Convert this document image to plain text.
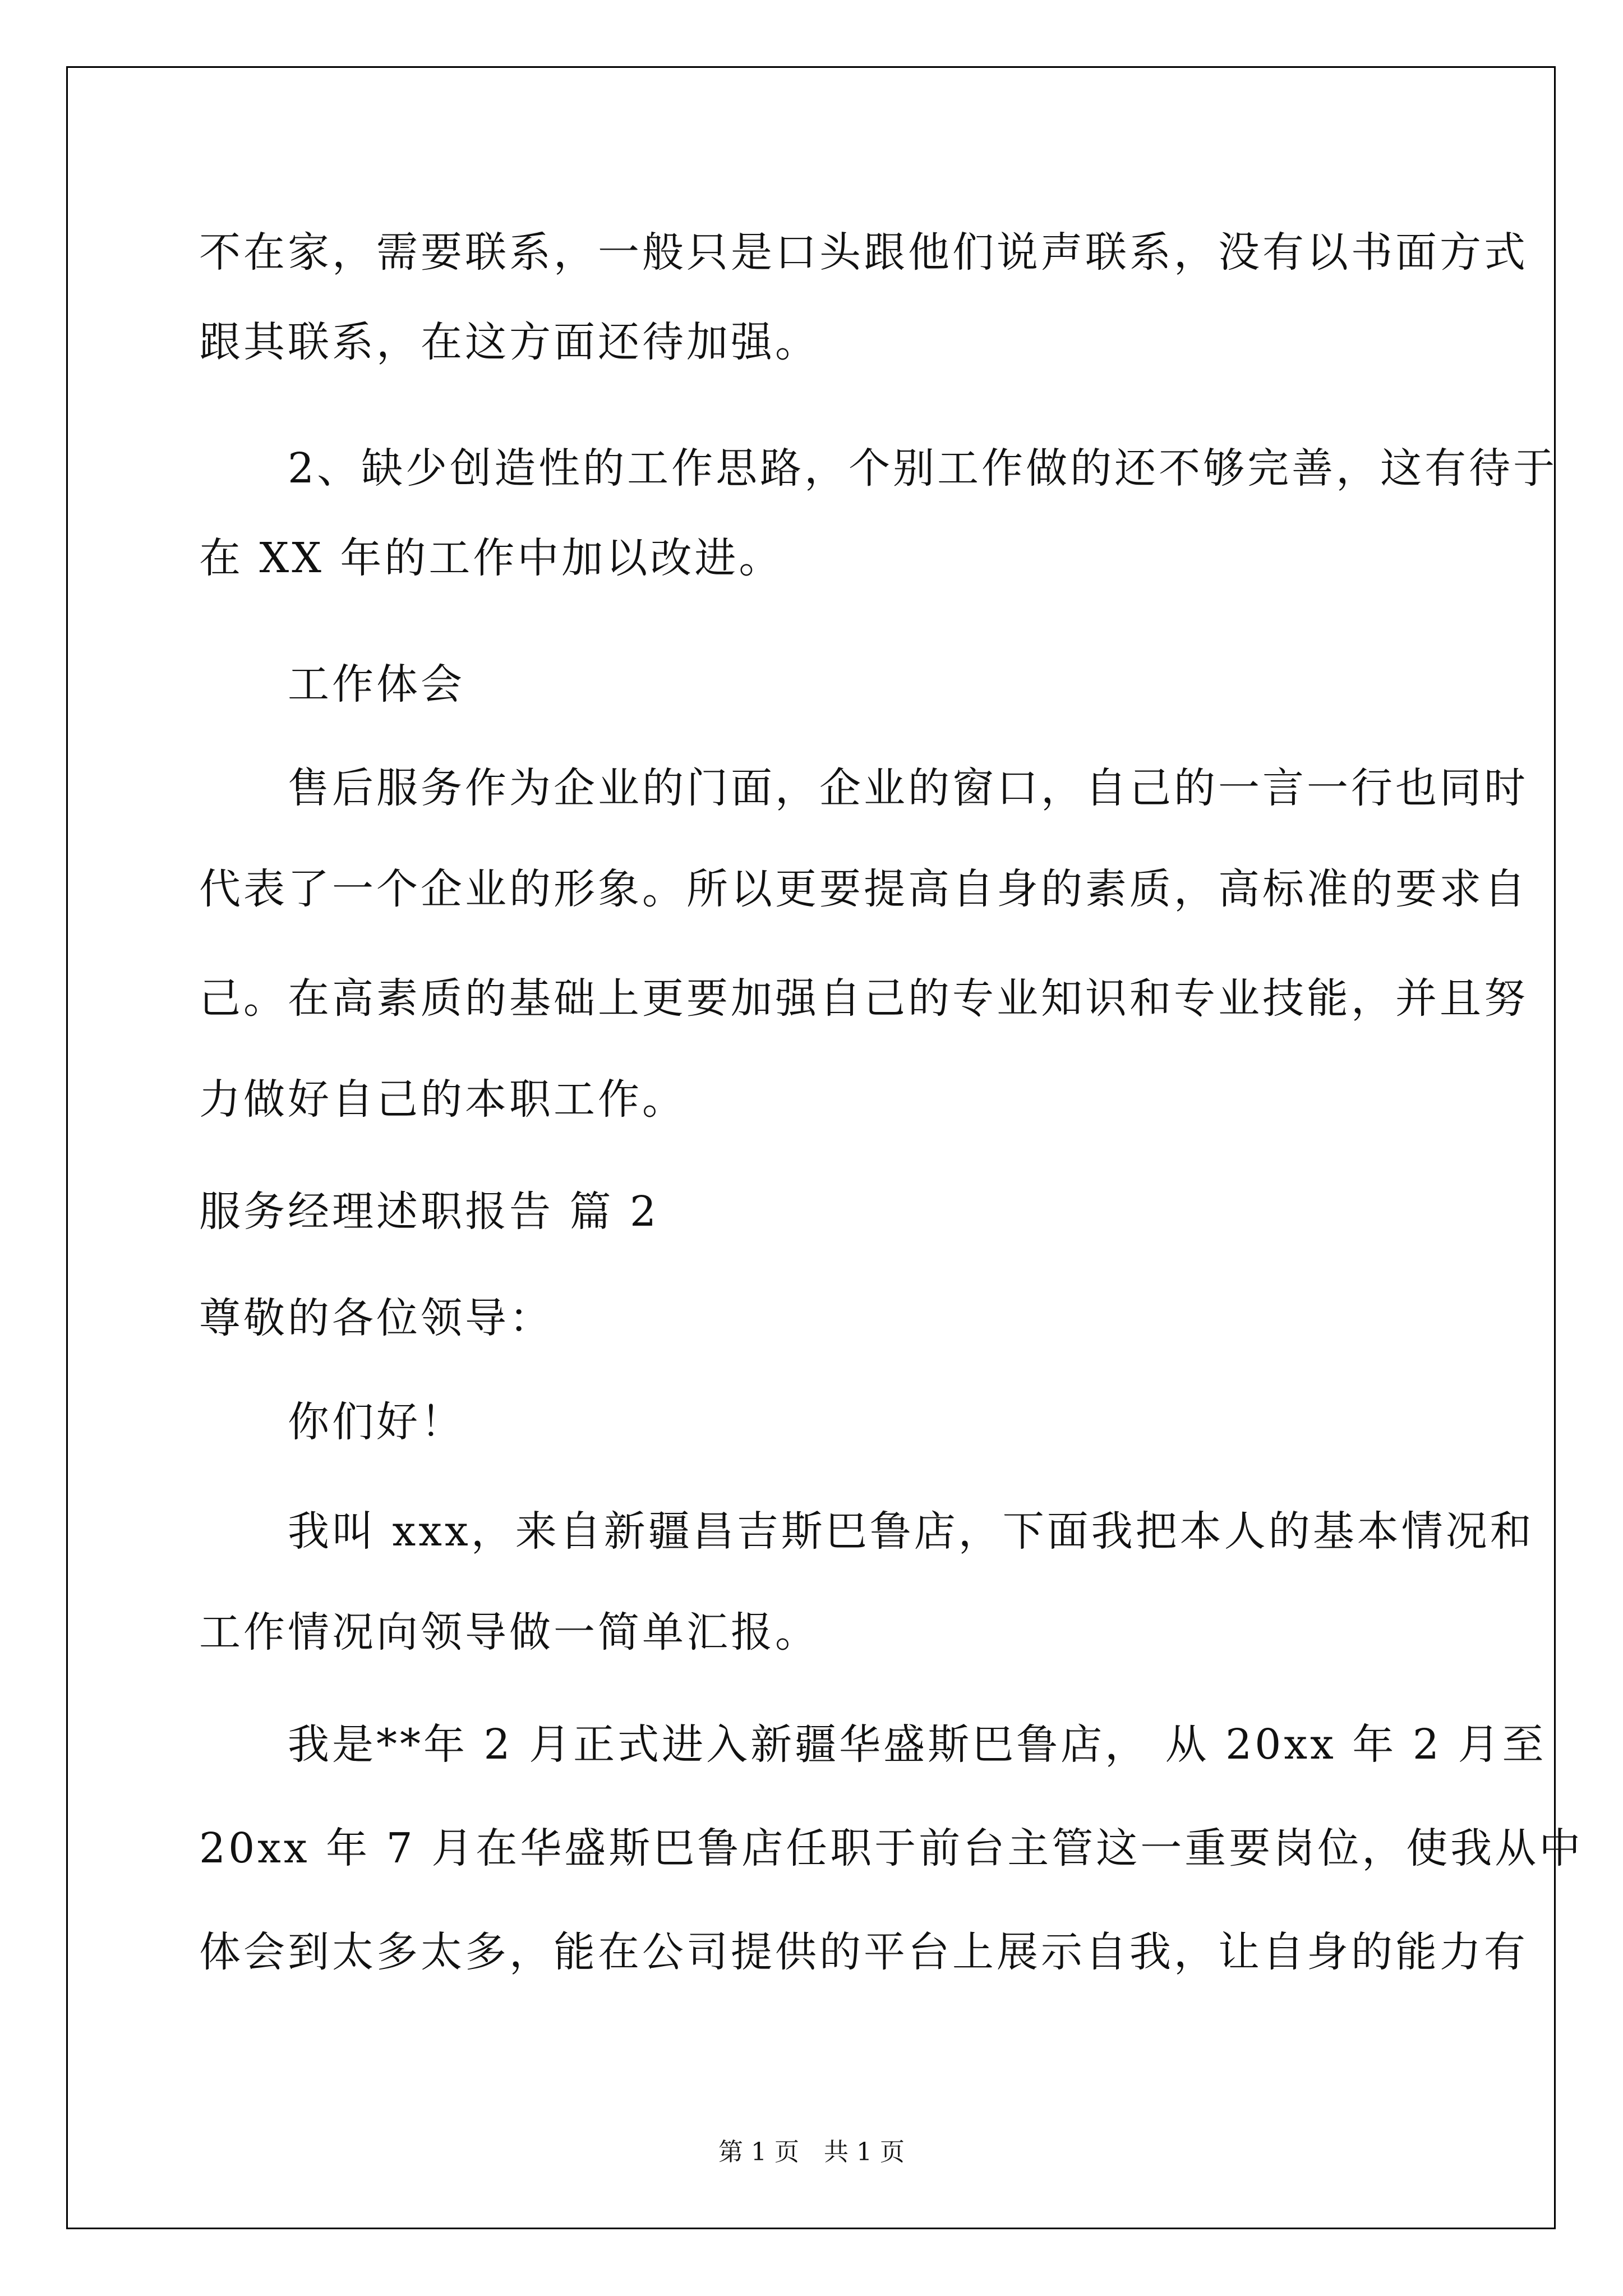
不在家，需要联系，一般只是口头跟他们说声联系，没有以书面方式
跟其联系，在这方面还待加强。
　　2、缺少创造性的工作思路，个别工作做的还不够完善，这有待于
在 XX 年的工作中加以改进。
　　工作体会
　　售后服务作为企业的门面，企业的窗口，自己的一言一行也同时
代表了一个企业的形象。所以更要提高自身的素质，高标准的要求自
己。在高素质的基础上更要加强自己的专业知识和专业技能，并且努
力做好自己的本职工作。
服务经理述职报告 篇 2
尊敬的各位领导：
　　你们好！
　　我叫 xxx，来自新疆昌吉斯巴鲁店，下面我把本人的基本情况和
工作情况向领导做一简单汇报。
　　我是**年 2 月正式进入新疆华盛斯巴鲁店， 从 20xx 年 2 月至
20xx 年 7 月在华盛斯巴鲁店任职于前台主管这一重要岗位，使我从中
体会到太多太多，能在公司提供的平台上展示自我，让自身的能力有
第 1 页　共 1 页
